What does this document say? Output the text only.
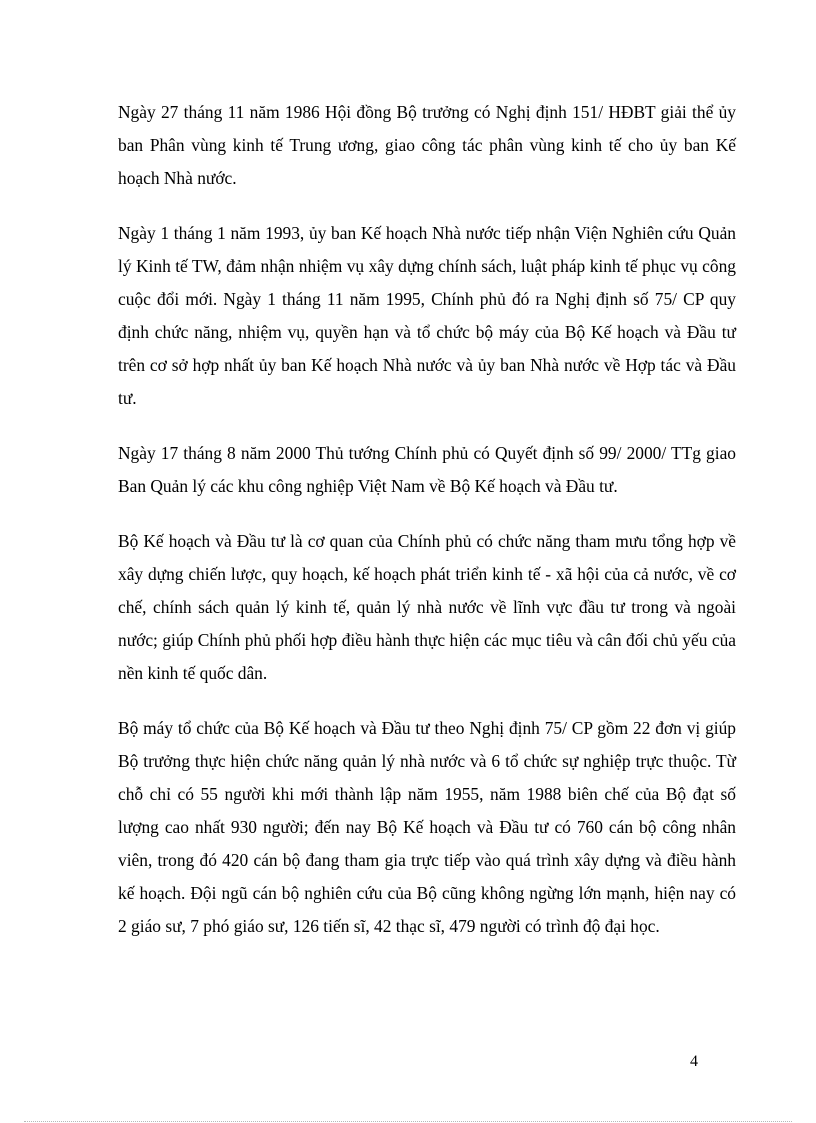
Ngày 27 tháng 11 năm 1986 Hội đồng Bộ trưởng có Nghị định 151/ HĐBT giải thể ủy ban Phân vùng kinh tế Trung ương, giao công tác phân vùng kinh tế cho ủy ban Kế hoạch Nhà nước.

Ngày 1 tháng 1 năm 1993, ủy ban Kế hoạch Nhà nước tiếp nhận Viện Nghiên cứu Quản lý Kinh tế TW, đảm nhận nhiệm vụ xây dựng chính sách, luật pháp kinh tế phục vụ công cuộc đổi mới. Ngày 1 tháng 11 năm 1995, Chính phủ đó ra Nghị định số 75/ CP quy định chức năng, nhiệm vụ, quyền hạn và tổ chức bộ máy của Bộ Kế hoạch và Đầu tư trên cơ sở hợp nhất ủy ban Kế hoạch Nhà nước và ủy ban Nhà nước về Hợp tác và Đầu tư.

Ngày 17 tháng 8 năm 2000 Thủ tướng Chính phủ có Quyết định số 99/ 2000/ TTg giao Ban Quản lý các khu công nghiệp Việt Nam về Bộ Kế hoạch và Đầu tư.

Bộ Kế hoạch và Đầu tư là cơ quan của Chính phủ có chức năng tham mưu tổng hợp về xây dựng chiến lược, quy hoạch, kế hoạch phát triển kinh tế - xã hội của cả nước, về cơ chế, chính sách quản lý kinh tế, quản lý nhà nước về lĩnh vực đầu tư trong và ngoài nước; giúp Chính phủ phối hợp điều hành thực hiện các mục tiêu và cân đối chủ yếu của nền kinh tế quốc dân.

Bộ máy tổ chức của Bộ Kế hoạch và Đầu tư theo Nghị định 75/ CP gồm 22 đơn vị giúp Bộ trưởng thực hiện chức năng quản lý nhà nước và 6 tổ chức sự nghiệp trực thuộc. Từ chỗ chỉ có 55 người khi mới thành lập năm 1955, năm 1988 biên chế của Bộ đạt số lượng cao nhất 930 người; đến nay Bộ Kế hoạch và Đầu tư có 760 cán bộ công nhân viên, trong đó 420 cán bộ đang tham gia trực tiếp vào quá trình xây dựng và điều hành kế hoạch. Đội ngũ cán bộ nghiên cứu của Bộ cũng không ngừng lớn mạnh, hiện nay có 2 giáo sư, 7 phó giáo sư, 126 tiến sĩ, 42 thạc sĩ, 479 người có trình độ đại học.

4
